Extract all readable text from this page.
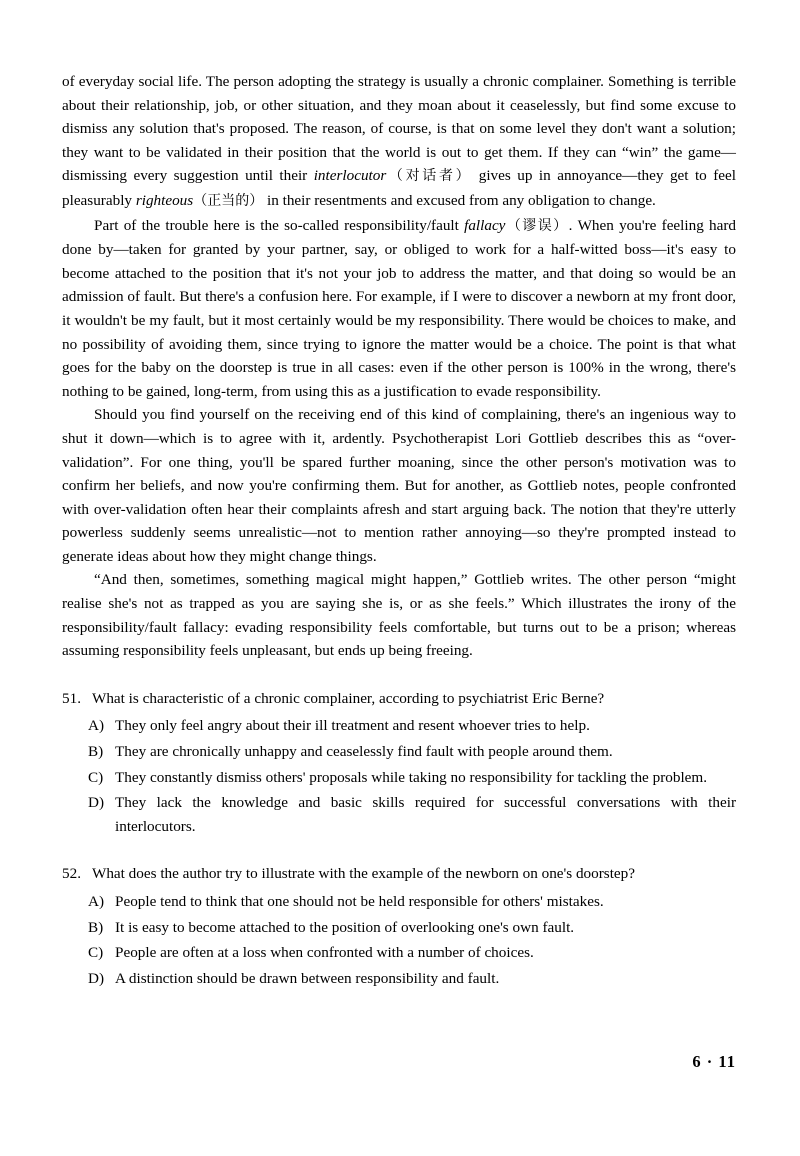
of everyday social life. The person adopting the strategy is usually a chronic complainer. Something is terrible about their relationship, job, or other situation, and they moan about it ceaselessly, but find some excuse to dismiss any solution that's proposed. The reason, of course, is that on some level they don't want a solution; they want to be validated in their position that the world is out to get them. If they can “win” the game—dismissing every suggestion until their interlocutor（对话者） gives up in annoyance—they get to feel pleasurably righteous（正当的） in their resentments and excused from any obligation to change.

Part of the trouble here is the so-called responsibility/fault fallacy（谬误）. When you're feeling hard done by—taken for granted by your partner, say, or obliged to work for a half-witted boss—it's easy to become attached to the position that it's not your job to address the matter, and that doing so would be an admission of fault. But there's a confusion here. For example, if I were to discover a newborn at my front door, it wouldn't be my fault, but it most certainly would be my responsibility. There would be choices to make, and no possibility of avoiding them, since trying to ignore the matter would be a choice. The point is that what goes for the baby on the doorstep is true in all cases: even if the other person is 100% in the wrong, there's nothing to be gained, long-term, from using this as a justification to evade responsibility.

Should you find yourself on the receiving end of this kind of complaining, there's an ingenious way to shut it down—which is to agree with it, ardently. Psychotherapist Lori Gottlieb describes this as “over-validation”. For one thing, you'll be spared further moaning, since the other person's motivation was to confirm her beliefs, and now you're confirming them. But for another, as Gottlieb notes, people confronted with over-validation often hear their complaints afresh and start arguing back. The notion that they're utterly powerless suddenly seems unrealistic—not to mention rather annoying—so they're prompted instead to generate ideas about how they might change things.

“And then, sometimes, something magical might happen,” Gottlieb writes. The other person “might realise she's not as trapped as you are saying she is, or as she feels.” Which illustrates the irony of the responsibility/fault fallacy: evading responsibility feels comfortable, but turns out to be a prison; whereas assuming responsibility feels unpleasant, but ends up being freeing.

51. What is characteristic of a chronic complainer, according to psychiatrist Eric Berne?

A) They only feel angry about their ill treatment and resent whoever tries to help.

B) They are chronically unhappy and ceaselessly find fault with people around them.

C) They constantly dismiss others' proposals while taking no responsibility for tackling the problem.

D) They lack the knowledge and basic skills required for successful conversations with their interlocutors.

52. What does the author try to illustrate with the example of the newborn on one's doorstep?

A) People tend to think that one should not be held responsible for others' mistakes.

B) It is easy to become attached to the position of overlooking one's own fault.

C) People are often at a loss when confronted with a number of choices.

D) A distinction should be drawn between responsibility and fault.

6 · 11
